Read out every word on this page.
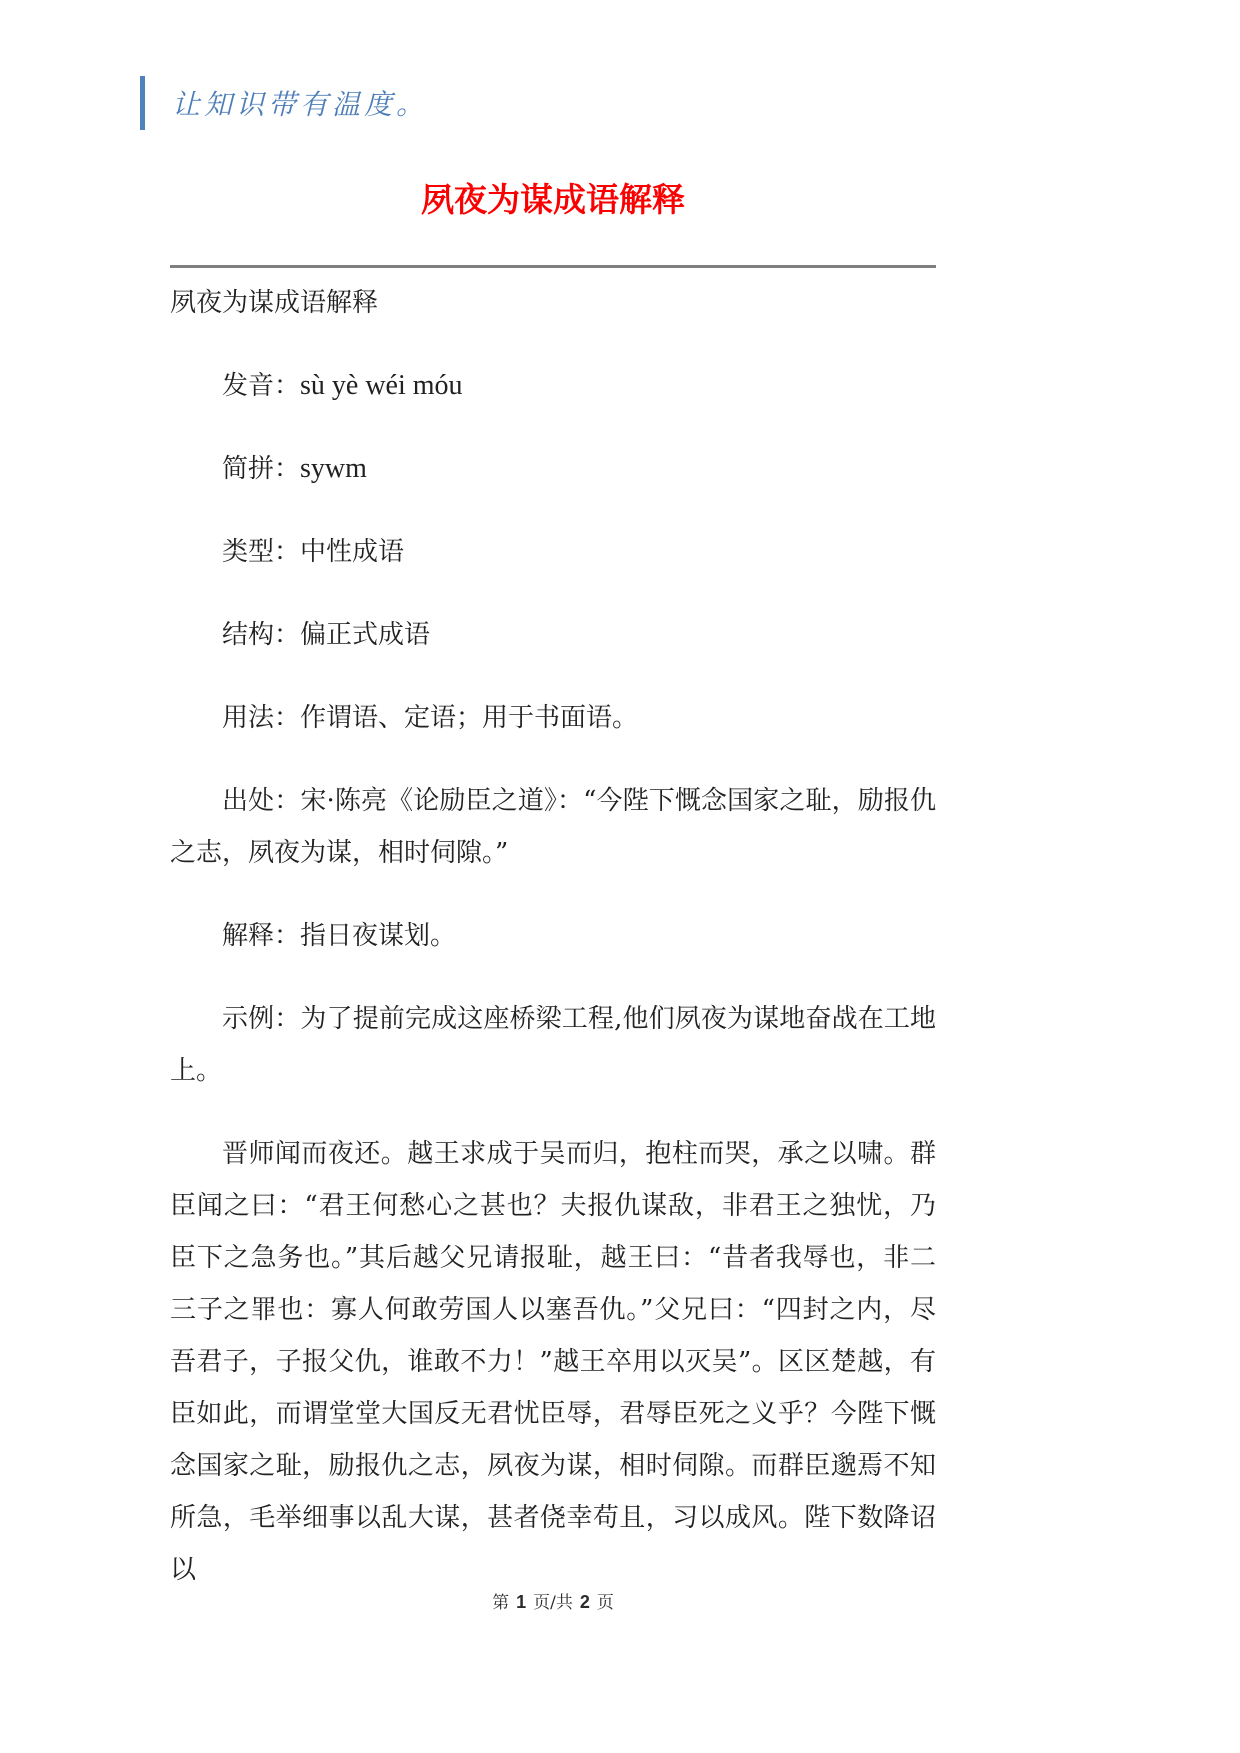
让知识带有温度。
夙夜为谋成语解释

夙夜为谋成语解释

发音：sù yè wéi móu

简拼：sywm

类型：中性成语

结构：偏正式成语

用法：作谓语、定语；用于书面语。

出处：宋·陈亮《论励臣之道》：“今陛下慨念国家之耻，励报仇之志，夙夜为谋，相时伺隙。”

解释：指日夜谋划。

示例：为了提前完成这座桥梁工程,他们夙夜为谋地奋战在工地上。

晋师闻而夜还。越王求成于吴而归，抱柱而哭，承之以啸。群臣闻之曰：“君王何愁心之甚也？夫报仇谋敌，非君王之独忧，乃臣下之急务也。”其后越父兄请报耻，越王曰：“昔者我辱也，非二三子之罪也：寡人何敢劳国人以塞吾仇。”父兄曰：“四封之内，尽吾君子，子报父仇，谁敢不力！”越王卒用以灭吴”。区区楚越，有臣如此，而谓堂堂大国反无君忧臣辱，君辱臣死之义乎？今陛下慨念国家之耻，励报仇之志，夙夜为谋，相时伺隙。而群臣邈焉不知所急，毛举细事以乱大谋，甚者侥幸苟且，习以成风。陛下数降诏以

第 1 页/共 2 页
